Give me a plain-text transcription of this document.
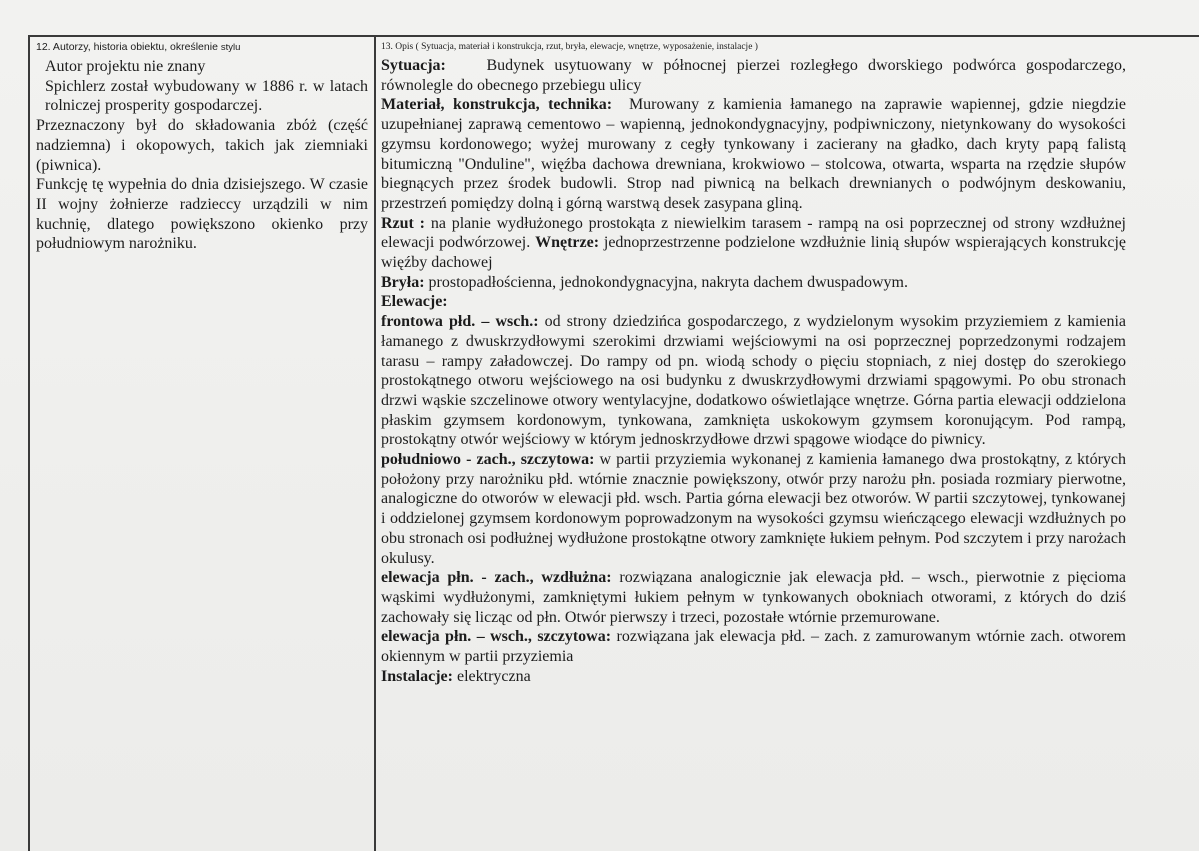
12. Autorzy, historia obiektu, określenie stylu

Autor projektu nie znany

Spichlerz został wybudowany w 1886 r. w latach rolniczej prosperity gospodarczej.

Przeznaczony był do składowania zbóż (część nadziemna) i okopowych, takich jak ziemniaki (piwnica).

Funkcję tę wypełnia do dnia dzisiejszego. W czasie II wojny żołnierze radzieccy urządzili w nim kuchnię, dlatego powiększono okienko przy południowym narożniku.

13. Opis ( Sytuacja, materiał i konstrukcja, rzut, bryła, elewacje, wnętrze, wyposażenie, instalacje )

Sytuacja:	Budynek usytuowany w północnej pierzei rozległego dworskiego podwórca gospodarczego, równolegle do obecnego przebiegu ulicy

Materiał, konstrukcja, technika: Murowany z kamienia łamanego na zaprawie wapiennej, gdzie niegdzie uzupełnianej zaprawą cementowo – wapienną, jednokondygnacyjny, podpiwniczony, nietynkowany do wysokości gzymsu kordonowego; wyżej murowany z cegły tynkowany i zacierany na gładko, dach kryty papą falistą bitumiczną "Onduline", więźba dachowa drewniana, krokwiowo – stolcowa, otwarta, wsparta na rzędzie słupów biegnących przez środek budowli. Strop nad piwnicą na belkach drewnianych o podwójnym deskowaniu, przestrzeń pomiędzy dolną i górną warstwą desek zasypana gliną.

Rzut : na planie wydłużonego prostokąta z niewielkim tarasem - rampą na osi poprzecznej od strony wzdłużnej elewacji podwórzowej. Wnętrze: jednoprzestrzenne podzielone wzdłużnie linią słupów wspierających konstrukcję więźby dachowej

Bryła: prostopadłościenna, jednokondygnacyjna, nakryta dachem dwuspadowym.

Elewacje:

frontowa płd. – wsch.: od strony dziedzińca gospodarczego, z wydzielonym wysokim przyziemiem z kamienia łamanego z dwuskrzydłowymi szerokimi drzwiami wejściowymi na osi poprzecznej poprzedzonymi rodzajem tarasu – rampy załadowczej. Do rampy od pn. wiodą schody o pięciu stopniach, z niej dostęp do szerokiego prostokątnego otworu wejściowego na osi budynku z dwuskrzydłowymi drzwiami spągowymi. Po obu stronach drzwi wąskie szczelinowe otwory wentylacyjne, dodatkowo oświetlające wnętrze. Górna partia elewacji oddzielona płaskim gzymsem kordonowym, tynkowana, zamknięta uskokowym gzymsem koronującym. Pod rampą, prostokątny otwór wejściowy w którym jednoskrzydłowe drzwi spągowe wiodące do piwnicy.

południowo - zach., szczytowa: w partii przyziemia wykonanej z kamienia łamanego dwa prostokątny, z których położony przy narożniku płd. wtórnie znacznie powiększony, otwór przy narożu płn. posiada rozmiary pierwotne, analogiczne do otworów w elewacji płd. wsch. Partia górna elewacji bez otworów. W partii szczytowej, tynkowanej i oddzielonej gzymsem kordonowym poprowadzonym na wysokości gzymsu wieńczącego elewacji wzdłużnych po obu stronach osi podłużnej wydłużone prostokątne otwory zamknięte łukiem pełnym. Pod szczytem i przy narożach okulusy.

elewacja płn. - zach., wzdłużna: rozwiązana analogicznie jak elewacja płd. – wsch., pierwotnie z pięcioma wąskimi wydłużonymi, zamkniętymi łukiem pełnym w tynkowanych obokniach otworami, z których do dziś zachowały się licząc od płn. Otwór pierwszy i trzeci, pozostałe wtórnie przemurowane.

elewacja płn. – wsch., szczytowa: rozwiązana jak elewacja płd. – zach. z zamurowanym wtórnie zach. otworem okiennym w partii przyziemia

Instalacje: elektryczna
